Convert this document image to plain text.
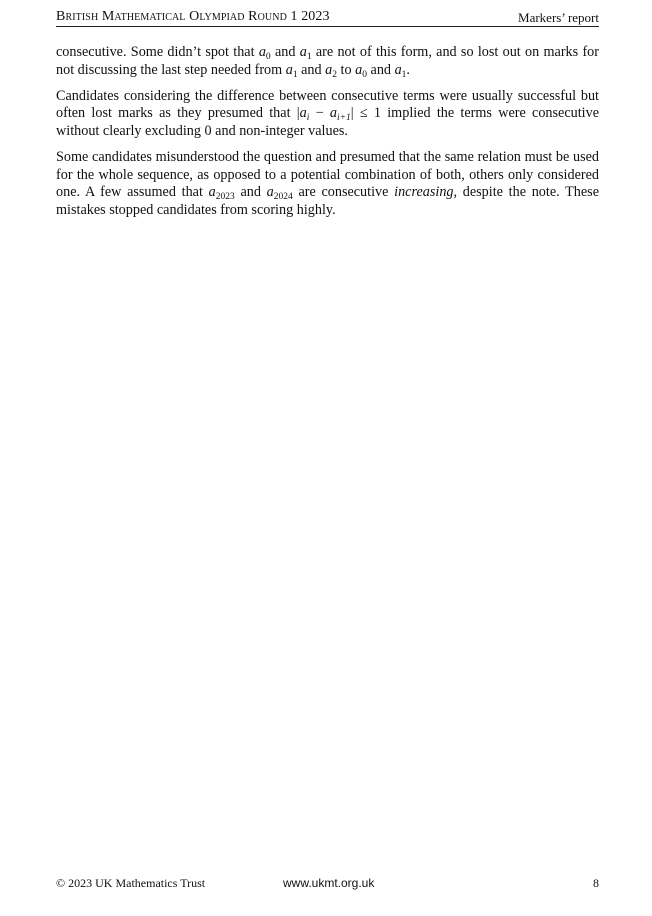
British Mathematical Olympiad Round 1 2023	Markers’ report

consecutive. Some didn’t spot that $a_0$ and $a_1$ are not of this form, and so lost out on marks for not discussing the last step needed from $a_1$ and $a_2$ to $a_0$ and $a_1$.

Candidates considering the difference between consecutive terms were usually successful but often lost marks as they presumed that $|a_i - a_{i+1}| \le 1$ implied the terms were consecutive without clearly excluding 0 and non-integer values.

Some candidates misunderstood the question and presumed that the same relation must be used for the whole sequence, as opposed to a potential combination of both, others only considered one. A few assumed that $a_{2023}$ and $a_{2024}$ are consecutive increasing, despite the note. These mistakes stopped candidates from scoring highly.

© 2023 UK Mathematics Trust	www.ukmt.org.uk	8
